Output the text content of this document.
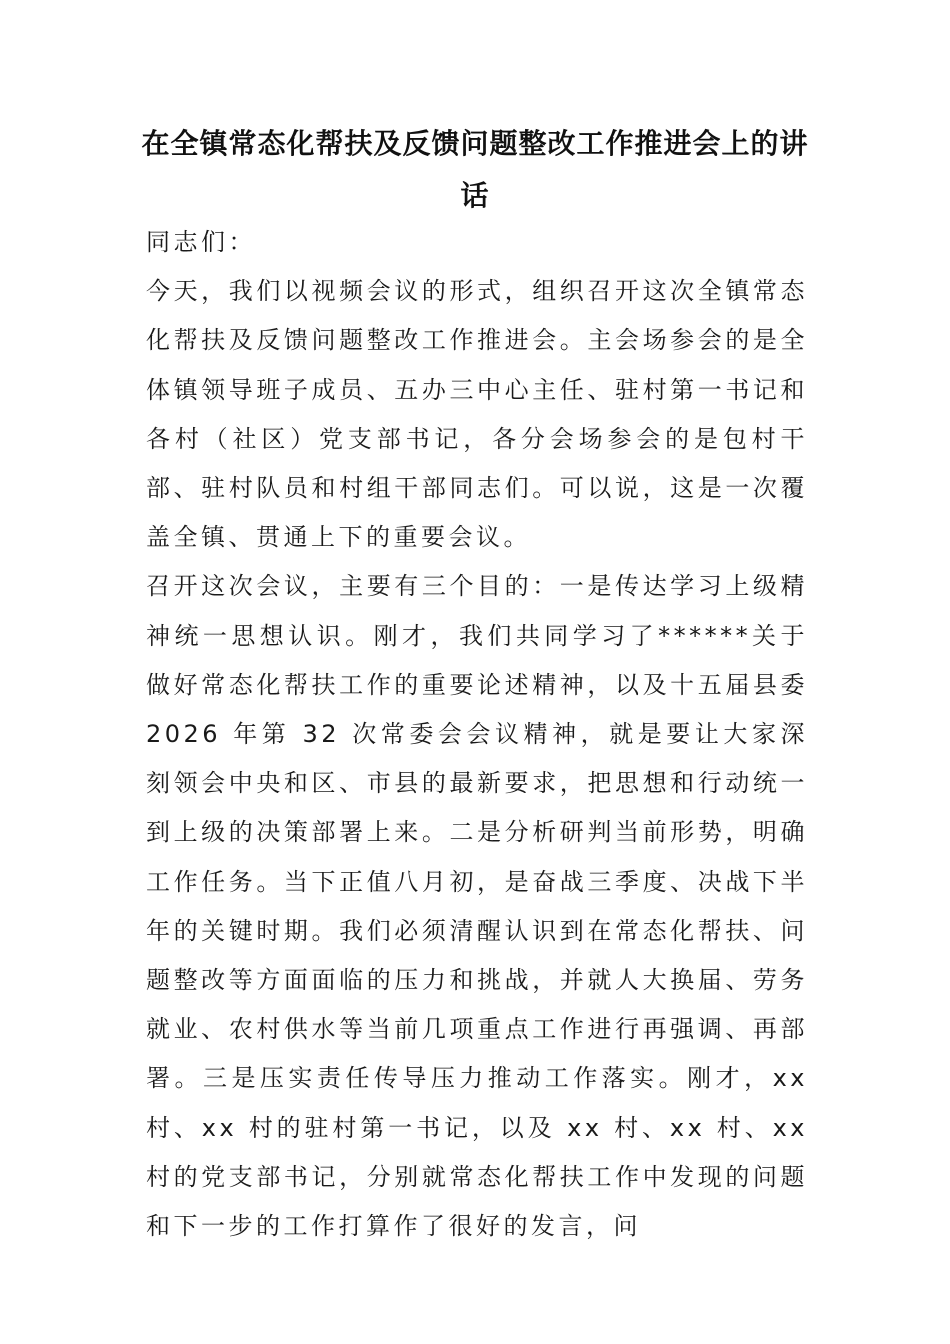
在全镇常态化帮扶及反馈问题整改工作推进会上的讲话

同志们：

今天，我们以视频会议的形式，组织召开这次全镇常态化帮扶及反馈问题整改工作推进会。主会场参会的是全体镇领导班子成员、五办三中心主任、驻村第一书记和各村（社区）党支部书记，各分会场参会的是包村干部、驻村队员和村组干部同志们。可以说，这是一次覆盖全镇、贯通上下的重要会议。

召开这次会议，主要有三个目的：一是传达学习上级精神统一思想认识。刚才，我们共同学习了******关于做好常态化帮扶工作的重要论述精神，以及十五届县委 2026 年第 32 次常委会会议精神，就是要让大家深刻领会中央和区、市县的最新要求，把思想和行动统一到上级的决策部署上来。二是分析研判当前形势，明确工作任务。当下正值八月初，是奋战三季度、决战下半年的关键时期。我们必须清醒认识到在常态化帮扶、问题整改等方面面临的压力和挑战，并就人大换届、劳务就业、农村供水等当前几项重点工作进行再强调、再部署。三是压实责任传导压力推动工作落实。刚才，xx 村、xx 村的驻村第一书记，以及 xx 村、xx 村、xx 村的党支部书记，分别就常态化帮扶工作中发现的问题和下一步的工作打算作了很好的发言，问
